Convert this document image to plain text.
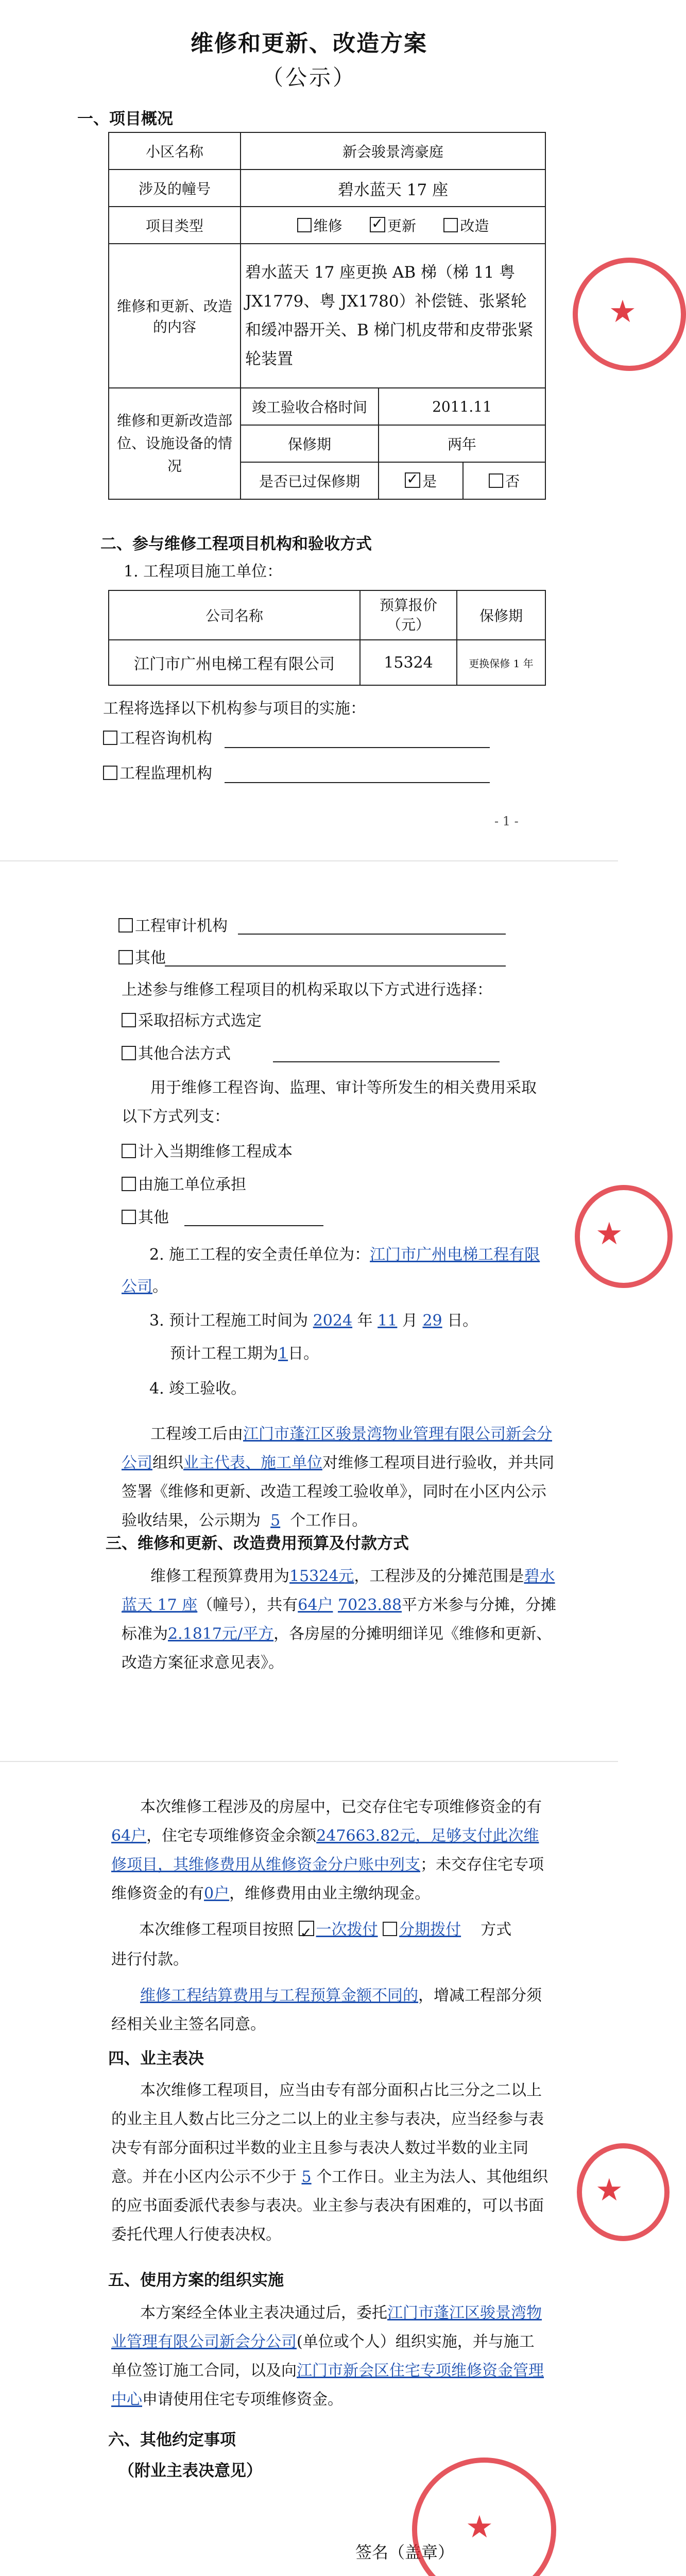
维修和更新、改造方案
（公示）
一、项目概况
小区名称	新会骏景湾豪庭		
涉及的幢号	碧水蓝天 17 座		
项目类型	维修 ✓ 更新 改造
维修和更新、改造的内容	碧水蓝天 17 座更换 AB 梯（梯 11 粤 JX1779、粤 JX1780）补偿链、张紧轮和缓冲器开关、B 梯门机皮带和皮带张紧轮装置		
维修和更新改造部位、设施设备的情况	竣工验收合格时间	2011.11	
	保修期	两年	
	是否已过保修期	✓是	否
二、参与维修工程项目机构和验收方式
1. 工程项目施工单位：
公司名称	预算报价（元）	保修期
江门市广州电梯工程有限公司	15324	更换保修 1 年
工程将选择以下机构参与项目的实施：
工程咨询机构
工程监理机构
- 1 -
★
工程审计机构
其他
上述参与维修工程项目的机构采取以下方式进行选择：
采取招标方式选定
其他合法方式
用于维修工程咨询、监理、审计等所发生的相关费用采取以下方式列支：
计入当期维修工程成本
由施工单位承担
其他
2. 施工工程的安全责任单位为：江门市广州电梯工程有限
公司。
3. 预计工程施工时间为 2024 年 11 月 29 日。
预计工程工期为1日。
4. 竣工验收。
工程竣工后由江门市蓬江区骏景湾物业管理有限公司新会分公司组织业主代表、施工单位对维修工程项目进行验收，并共同签署《维修和更新、改造工程竣工验收单》，同时在小区内公示验收结果，公示期为 5 个工作日。
三、维修和更新、改造费用预算及付款方式
维修工程预算费用为15324元，工程涉及的分摊范围是碧水蓝天 17 座（幢号），共有64户 7023.88平方米参与分摊，分摊标准为2.1817元/平方，各房屋的分摊明细详见《维修和更新、改造方案征求意见表》。
★
本次维修工程涉及的房屋中，已交存住宅专项维修资金的有64户，住宅专项维修资金余额247663.82元，足够支付此次维修项目，其维修费用从维修资金分户账中列支；未交存住宅专项维修资金的有0户，维修费用由业主缴纳现金。
本次维修工程项目按照 ✓ 一次拨付 分期拨付 方式
进行付款。
维修工程结算费用与工程预算金额不同的，增减工程部分须经相关业主签名同意。
四、业主表决
本次维修工程项目，应当由专有部分面积占比三分之二以上的业主且人数占比三分之二以上的业主参与表决，应当经参与表决专有部分面积过半数的业主且参与表决人数过半数的业主同意。并在小区内公示不少于 5 个工作日。业主为法人、其他组织的应书面委派代表参与表决。业主参与表决有困难的，可以书面委托代理人行使表决权。
五、使用方案的组织实施
本方案经全体业主表决通过后，委托江门市蓬江区骏景湾物业管理有限公司新会分公司(单位或个人）组织实施，并与施工单位签订施工合同，以及向江门市新会区住宅专项维修资金管理中心申请使用住宅专项维修资金。
六、其他约定事项
（附业主表决意见）
签名（盖章）

★
★
